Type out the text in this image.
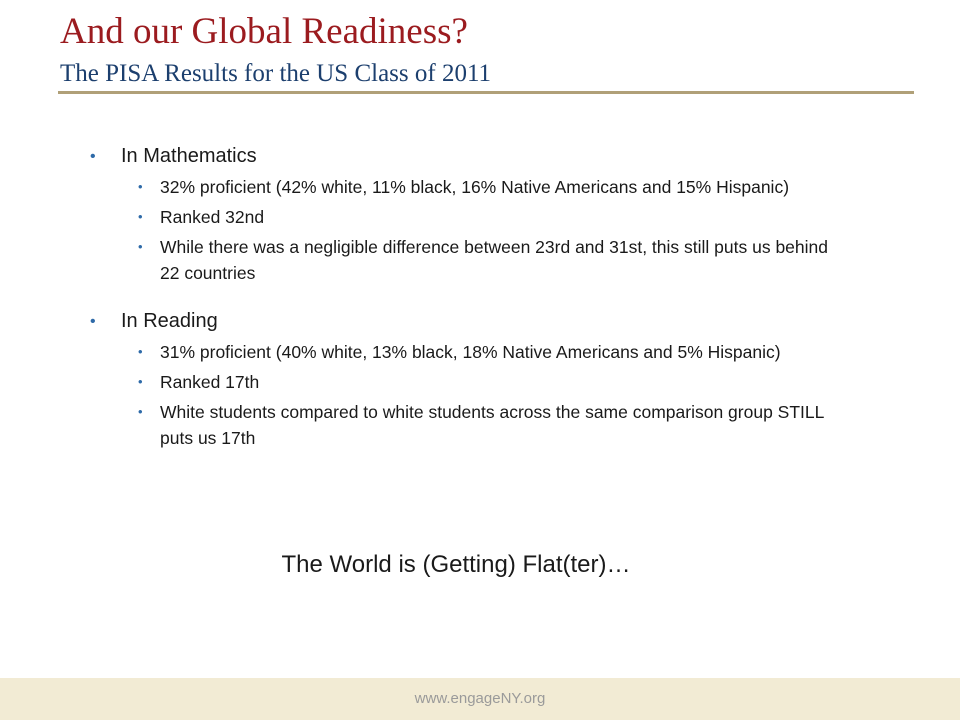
And our Global Readiness?
The PISA Results for the US Class of 2011
• In Mathematics
• 32% proficient (42% white, 11% black, 16% Native Americans and 15% Hispanic)
• Ranked 32nd
• While there was a negligible difference between 23rd and 31st, this still puts us behind 22 countries
• In Reading
• 31% proficient (40% white, 13% black, 18% Native Americans and 5% Hispanic)
• Ranked 17th
• White students compared to white students across the same comparison group STILL puts us 17th
The World is (Getting) Flat(ter)…
www.engageNY.org
